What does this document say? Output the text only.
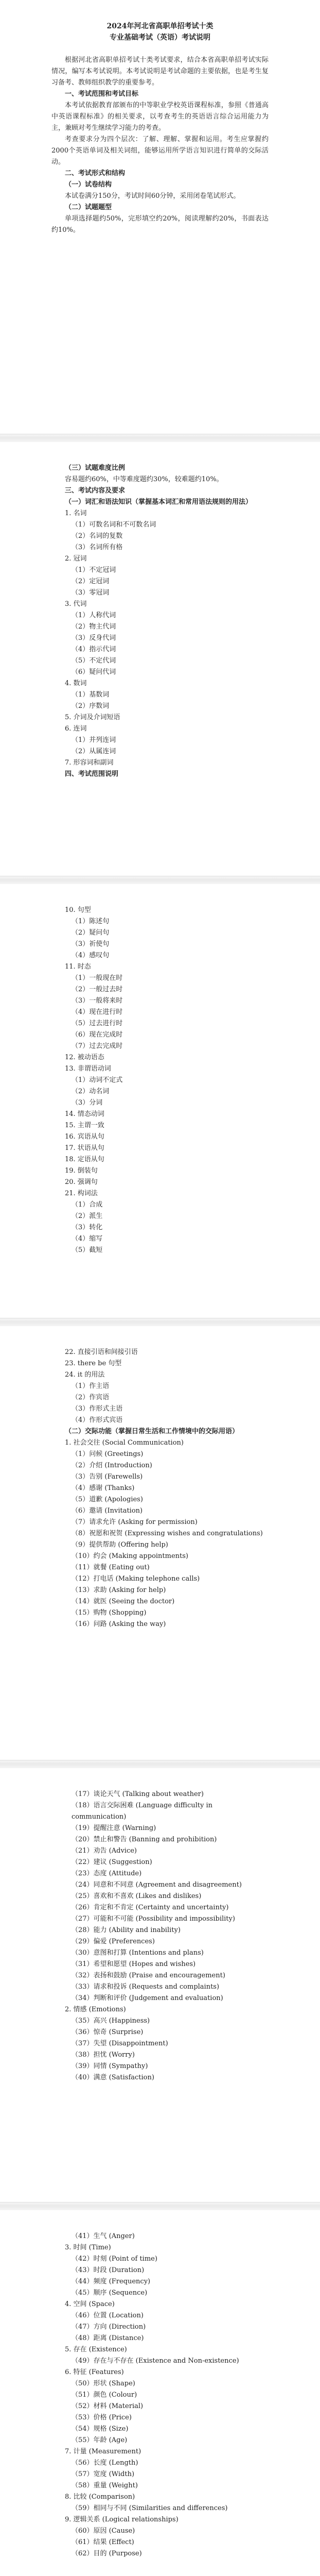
2024年河北省高职单招考试十类

专业基础考试（英语）考试说明

根据河北省高职单招考试十类考试要求，结合本省高职单招考试实际情况，编写本考试说明。本考试说明是考试命题的主要依据，也是考生复习备考、教师组织教学的重要参考。

一、考试范围和考试目标

本考试依据教育部颁布的中等职业学校英语课程标准，参照《普通高中英语课程标准》的相关要求，以考查考生的英语语言综合运用能力为主，兼顾对考生继续学习能力的考查。

考查要求分为四个层次：了解、理解、掌握和运用。考生应掌握约2000个英语单词及相关词组，能够运用所学语言知识进行简单的交际活动。

二、考试形式和结构

（一）试卷结构

本试卷满分150分，考试时间60分钟，采用闭卷笔试形式。

（二）试题题型

单项选择题约50%，完形填空约20%，阅读理解约20%，书面表达约10%。

（三）试题难度比例

容易题约60%，中等难度题约30%，较难题约10%。

三、考试内容及要求

（一）词汇和语法知识（掌握基本词汇和常用语法规则的用法）

1. 名词

（1）可数名词和不可数名词

（2）名词的复数

（3）名词所有格

2. 冠词

（1）不定冠词

（2）定冠词

（3）零冠词

3. 代词

（1）人称代词

（2）物主代词

（3）反身代词

（4）指示代词

（5）不定代词

（6）疑问代词

4. 数词

（1）基数词

（2）序数词

5. 介词及介词短语

6. 连词

（1）并列连词

（2）从属连词

7. 形容词和副词

四、考试范围说明

10. 句型

（1）陈述句

（2）疑问句

（3）祈使句

（4）感叹句

11. 时态

（1）一般现在时

（2）一般过去时

（3）一般将来时

（4）现在进行时

（5）过去进行时

（6）现在完成时

（7）过去完成时

12. 被动语态

13. 非谓语动词

（1）动词不定式

（2）动名词

（3）分词

14. 情态动词

15. 主谓一致

16. 宾语从句

17. 状语从句

18. 定语从句

19. 倒装句

20. 强调句

21. 构词法

（1）合成

（2）派生

（3）转化

（4）缩写

（5）截短

22. 直接引语和间接引语

23. there be 句型

24. it 的用法

（1）作主语

（2）作宾语

（3）作形式主语

（4）作形式宾语

（二）交际功能（掌握日常生活和工作情境中的交际用语）

1. 社会交往 (Social Communication)

（1）问候 (Greetings)

（2）介绍 (Introduction)

（3）告别 (Farewells)

（4）感谢 (Thanks)

（5）道歉 (Apologies)

（6）邀请 (Invitation)

（7）请求允许 (Asking for permission)

（8）祝愿和祝贺 (Expressing wishes and congratulations)

（9）提供帮助 (Offering help)

（10）约会 (Making appointments)

（11）就餐 (Eating out)

（12）打电话 (Making telephone calls)

（13）求助 (Asking for help)

（14）就医 (Seeing the doctor)

（15）购物 (Shopping)

（16）问路 (Asking the way)

（17）谈论天气 (Talking about weather)

（18）语言交际困难 (Language difficulty in communication)

（19）提醒注意 (Warning)

（20）禁止和警告 (Banning and prohibition)

（21）劝告 (Advice)

（22）建议 (Suggestion)

（23）态度 (Attitude)

（24）同意和不同意 (Agreement and disagreement)

（25）喜欢和不喜欢 (Likes and dislikes)

（26）肯定和不肯定 (Certainty and uncertainty)

（27）可能和不可能 (Possibility and impossibility)

（28）能力 (Ability and inability)

（29）偏爱 (Preferences)

（30）意图和打算 (Intentions and plans)

（31）希望和愿望 (Hopes and wishes)

（32）表扬和鼓励 (Praise and encouragement)

（33）请求和投诉 (Requests and complaints)

（34）判断和评价 (Judgement and evaluation)

2. 情感 (Emotions)

（35）高兴 (Happiness)

（36）惊奇 (Surprise)

（37）失望 (Disappointment)

（38）担忧 (Worry)

（39）同情 (Sympathy)

（40）满意 (Satisfaction)

（41）生气 (Anger)

3. 时间 (Time)

（42）时刻 (Point of time)

（43）时段 (Duration)

（44）频度 (Frequency)

（45）顺序 (Sequence)

4. 空间 (Space)

（46）位置 (Location)

（47）方向 (Direction)

（48）距离 (Distance)

5. 存在 (Existence)

（49）存在与不存在 (Existence and Non-existence)

6. 特征 (Features)

（50）形状 (Shape)

（51）颜色 (Colour)

（52）材料 (Material)

（53）价格 (Price)

（54）规格 (Size)

（55）年龄 (Age)

7. 计量 (Measurement)

（56）长度 (Length)

（57）宽度 (Width)

（58）重量 (Weight)

8. 比较 (Comparison)

（59）相同与不同 (Similarities and differences)

9. 逻辑关系 (Logical relationships)

（60）原因 (Cause)

（61）结果 (Effect)

（62）目的 (Purpose)
